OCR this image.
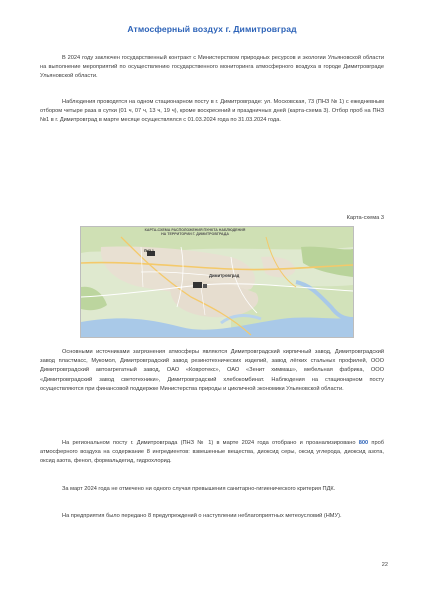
Атмосферный воздух г. Димитровград

В 2024 году заключен государственный контракт с Министерством природных ресурсов и экологии Ульяновской области на выполнение мероприятий по осуществлению государственного мониторинга атмосферного воздуха в городе Димитровграде Ульяновской области.

Наблюдения проводятся на одном стационарном посту в г. Димитровграде: ул. Московская, 73 (ПНЗ № 1) с ежедневным отбором четыре раза в сутки (01 ч, 07 ч, 13 ч, 19 ч), кроме воскресений и праздничных дней (карта-схема 3). Отбор проб на ПНЗ №1 в г. Димитровград в марте месяце осуществлялся с 01.03.2024 года по 31.03.2024 года.

Карта-схема 3
КАРТА-СХЕМА РАСПОЛОЖЕНИЯ ПУНКТА НАБЛЮДЕНИЯ
НА ТЕРРИТОРИИ Г. ДИМИТРОВГРАДА
ПНЗ 1
Димитровград

Основными источниками загрязнения атмосферы являются Димитровградский кирпичный завод, Димитровградский завод пластмасс, Мукомол, Димитровградский завод резинотехнических изделий, завод лёгких стальных профилей, ООО Димитровградский автоагрегатный завод, ОАО «Ковротекс», ОАО «Зенит химмаш», мебельная фабрика, ООО «Димитровградский завод светотехники», Димитровградский хлебокомбинат. Наблюдения на стационарном посту осуществляются при финансовой поддержке Министерства природы и цикличной экономики Ульяновской области.

На региональном посту г. Димитровграда (ПНЗ № 1) в марте 2024 года отобрано и проанализировано 800 проб атмосферного воздуха на содержание 8 ингредиентов: взвешенные вещества, диоксид серы, оксид углерода, диоксид азота, оксид азота, фенол, формальдегид, гидрохлорид.

За март 2024 года не отмечено ни одного случая превышения санитарно-гигиенического критерия ПДК.

На предприятия было передано 8 предупреждений о наступлении неблагоприятных метеоусловий (НМУ).

22
